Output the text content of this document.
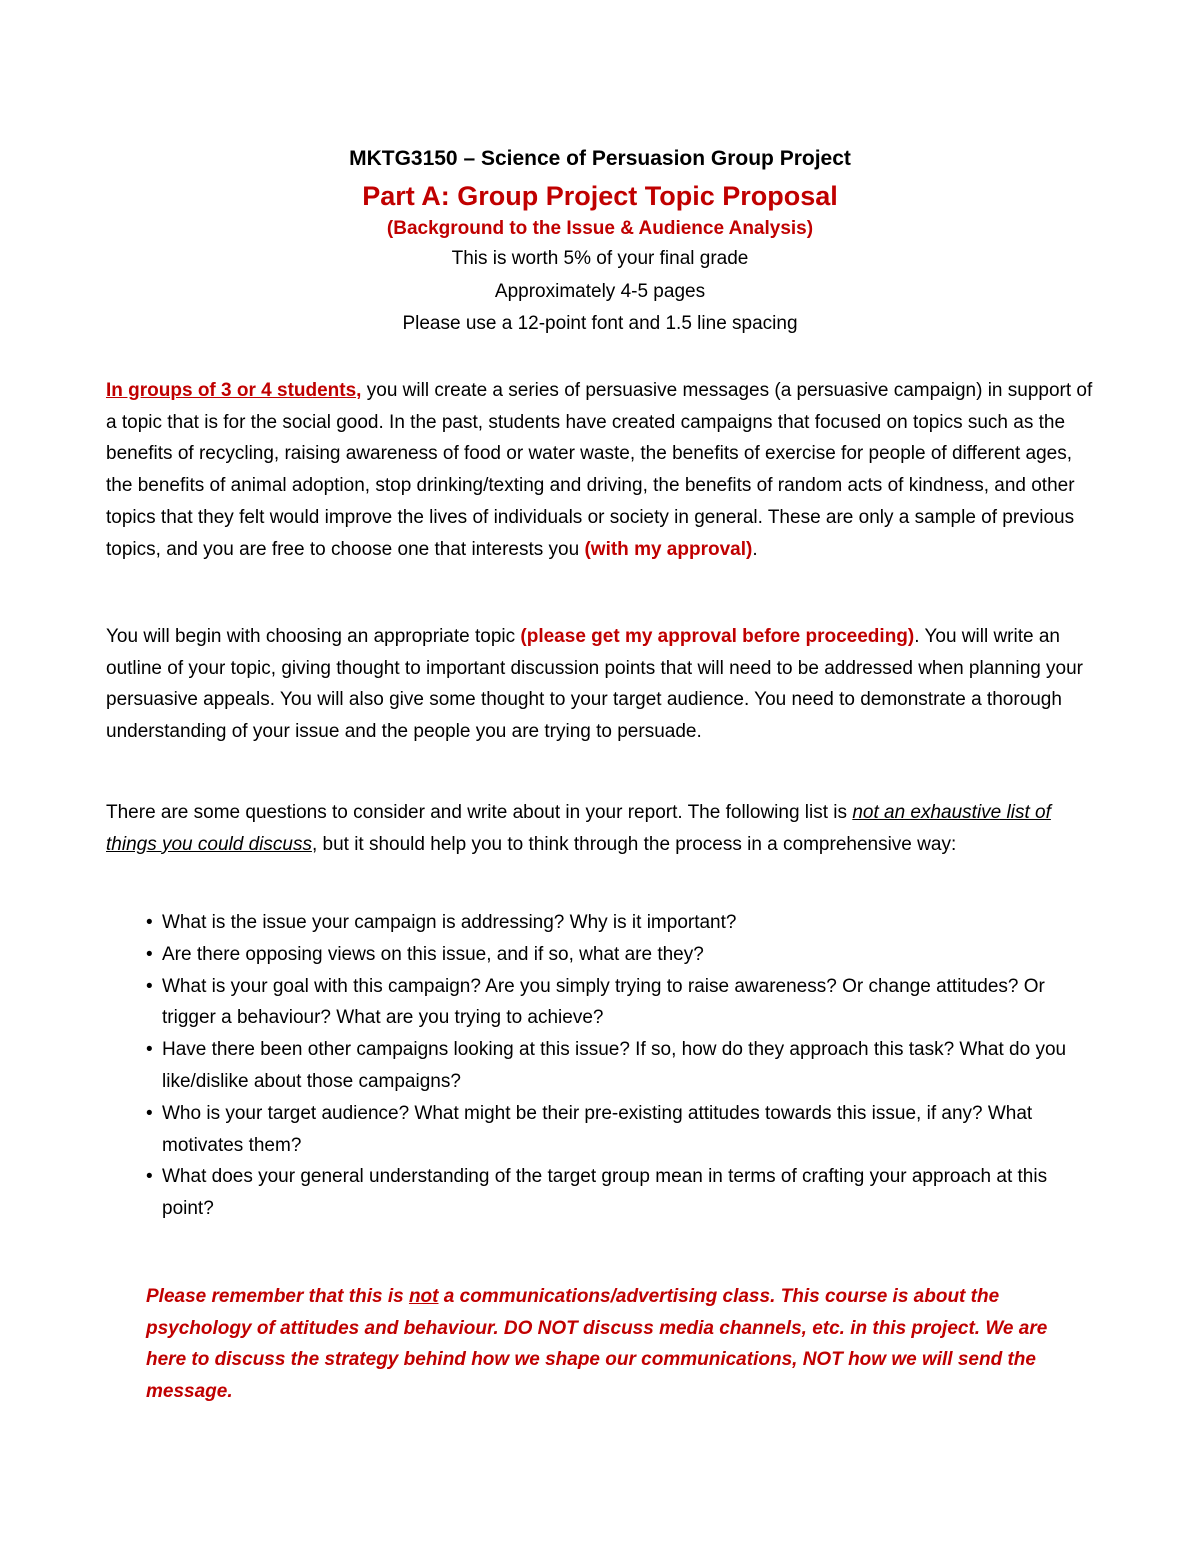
MKTG3150 – Science of Persuasion Group Project
Part A: Group Project Topic Proposal
(Background to the Issue & Audience Analysis)
This is worth 5% of your final grade
Approximately 4-5 pages
Please use a 12-point font and 1.5 line spacing

In groups of 3 or 4 students, you will create a series of persuasive messages (a persuasive campaign) in support of a topic that is for the social good. In the past, students have created campaigns that focused on topics such as the benefits of recycling, raising awareness of food or water waste, the benefits of exercise for people of different ages, the benefits of animal adoption, stop drinking/texting and driving, the benefits of random acts of kindness, and other topics that they felt would improve the lives of individuals or society in general. These are only a sample of previous topics, and you are free to choose one that interests you (with my approval).

You will begin with choosing an appropriate topic (please get my approval before proceeding). You will write an outline of your topic, giving thought to important discussion points that will need to be addressed when planning your persuasive appeals. You will also give some thought to your target audience. You need to demonstrate a thorough understanding of your issue and the people you are trying to persuade.

There are some questions to consider and write about in your report. The following list is not an exhaustive list of things you could discuss, but it should help you to think through the process in a comprehensive way:

• What is the issue your campaign is addressing? Why is it important?
• Are there opposing views on this issue, and if so, what are they?
• What is your goal with this campaign? Are you simply trying to raise awareness? Or change attitudes? Or trigger a behaviour? What are you trying to achieve?
• Have there been other campaigns looking at this issue? If so, how do they approach this task? What do you like/dislike about those campaigns?
• Who is your target audience? What might be their pre-existing attitudes towards this issue, if any? What motivates them?
• What does your general understanding of the target group mean in terms of crafting your approach at this point?

Please remember that this is not a communications/advertising class. This course is about the psychology of attitudes and behaviour. DO NOT discuss media channels, etc. in this project. We are here to discuss the strategy behind how we shape our communications, NOT how we will send the message.
